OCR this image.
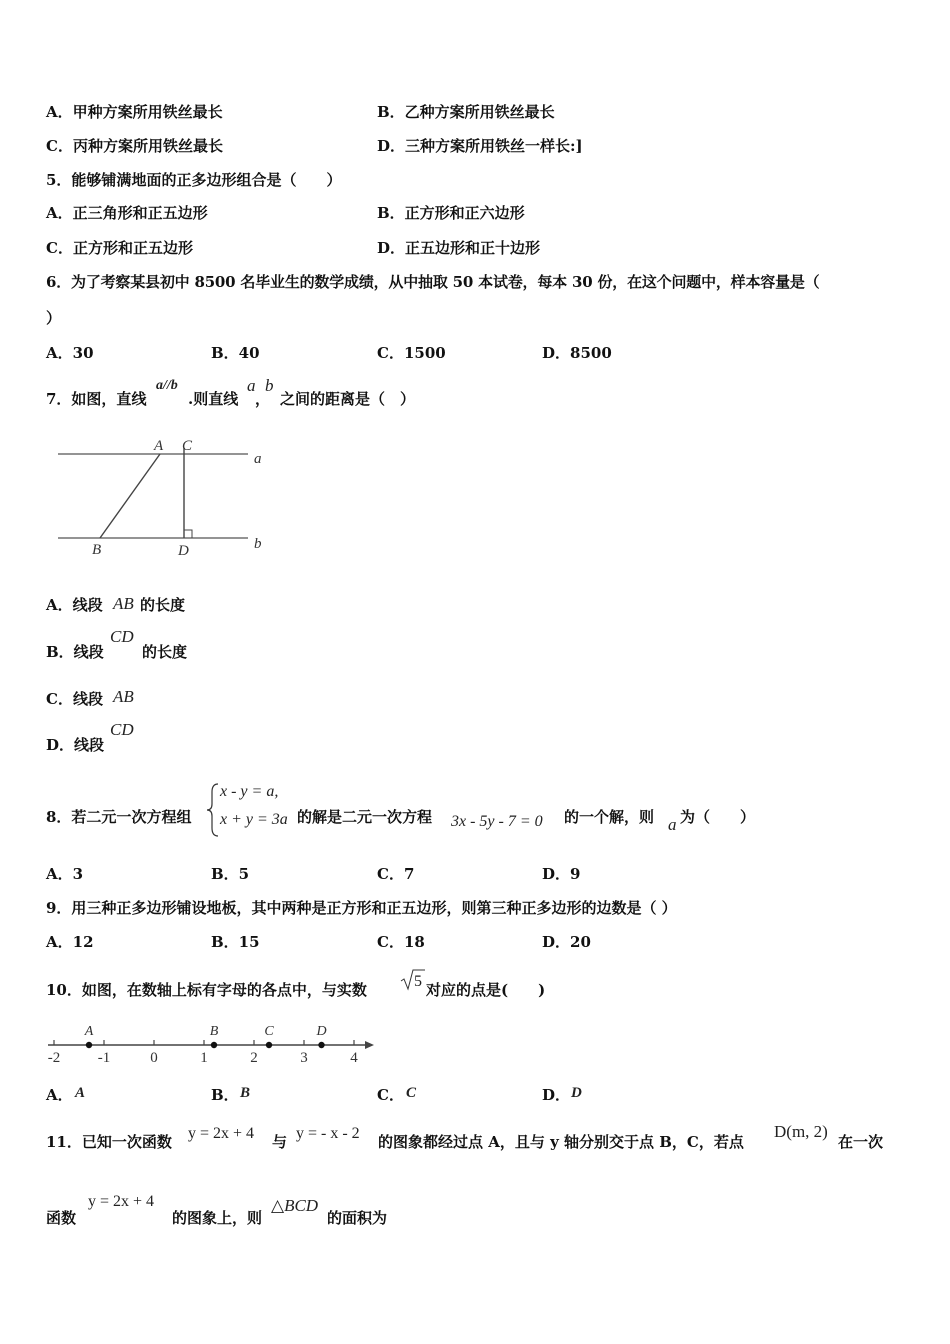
A．甲种方案所用铁丝最长	B．乙种方案所用铁丝最长
C．丙种方案所用铁丝最长	D．三种方案所用铁丝一样长:]
5．能够铺满地面的正多边形组合是（　　）
A．正三角形和正五边形	B．正方形和正六边形
C．正方形和正五边形	D．正五边形和正十边形
6．为了考察某县初中 8500 名毕业生的数学成绩，从中抽取 50 本试卷，每本 30 份，在这个问题中，样本容量是（
）
A．30	B．40	C．1500	D．8500
7．如图，直线
a//b
.则直线
a
，
b
之间的距离是（　）
A C
a
B	D	b
A．线段 AB 的长度
B．线段
CD
的长度
C．线段 AB
D．线段
CD
8．若二元一次方程组
x - y = a,
x + y = 3a 的解是二元一次方程 3x - 5y - 7 = 0 的一个解，则 a 为（　　）
A．3	B．5	C．7	D．9
9．用三种正多边形铺设地板，其中两种是正方形和正五边形，则第三种正多边形的边数是（ ）
A．12	B．15	C．18	D．20
10．如图，在数轴上标有字母的各点中，与实数	5 对应的点是(　　)
-2	-1	0	1	2	3	4
A	B	C	D
A． A	B． B	C． C	D． D
11．已知一次函数 y = 2x + 4 与 y = - x - 2 的图象都经过点 A，且与 y 轴分别交于点 B，C，若点
D(m, 2)
在一次
函数
y = 2x + 4
的图象上，则
△BCD
的面积为
